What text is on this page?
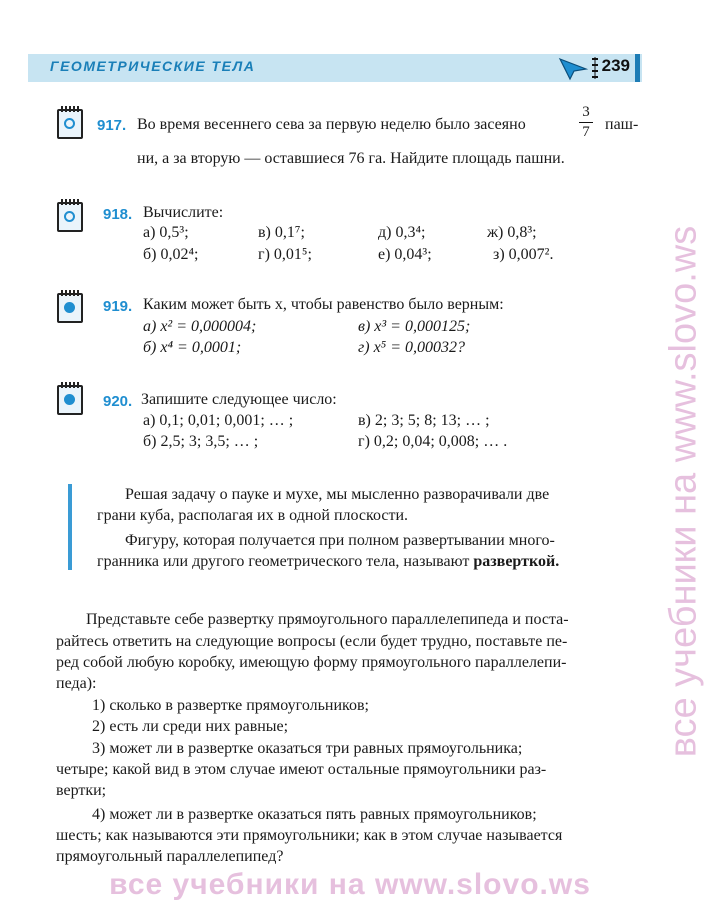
ГЕОМЕТРИЧЕСКИЕ ТЕЛА	239
917. Во время весеннего сева за первую неделю было засеяно
3
7 паш-
ни, а за вторую — оставшиеся 76 га. Найдите площадь пашни.
918. Вычислите:
а) 0,5³;	в) 0,1⁷;	д) 0,3⁴;	ж) 0,8³;
б) 0,02⁴;	г) 0,01⁵;	е) 0,04³;	з) 0,007².
919. Каким может быть x, чтобы равенство было верным:
а) x² = 0,000004;	в) x³ = 0,000125;
б) x⁴ = 0,0001;	г) x⁵ = 0,00032?
920. Запишите следующее число:
а) 0,1; 0,01; 0,001; … ;	в) 2; 3; 5; 8; 13; … ;
б) 2,5; 3; 3,5; … ;	г) 0,2; 0,04; 0,008; … .
Решая задачу о пауке и мухе, мы мысленно разворачивали две
грани куба, располагая их в одной плоскости.
Фигуру, которая получается при полном развертывании много-
гранника или другого геометрического тела, называют разверткой.
Представьте себе развертку прямоугольного параллелепипеда и поста-
райтесь ответить на следующие вопросы (если будет трудно, поставьте пе-
ред собой любую коробку, имеющую форму прямоугольного параллелепи-
педа):
1) сколько в развертке прямоугольников;
2) есть ли среди них равные;
3) может ли в развертке оказаться три равных прямоугольника;
четыре; какой вид в этом случае имеют остальные прямоугольники раз-
вертки;
4) может ли в развертке оказаться пять равных прямоугольников;
шесть; как называются эти прямоугольники; как в этом случае называется
прямоугольный параллелепипед?
все учебники на www.slovo.ws
все учебники на www.slovo.ws
